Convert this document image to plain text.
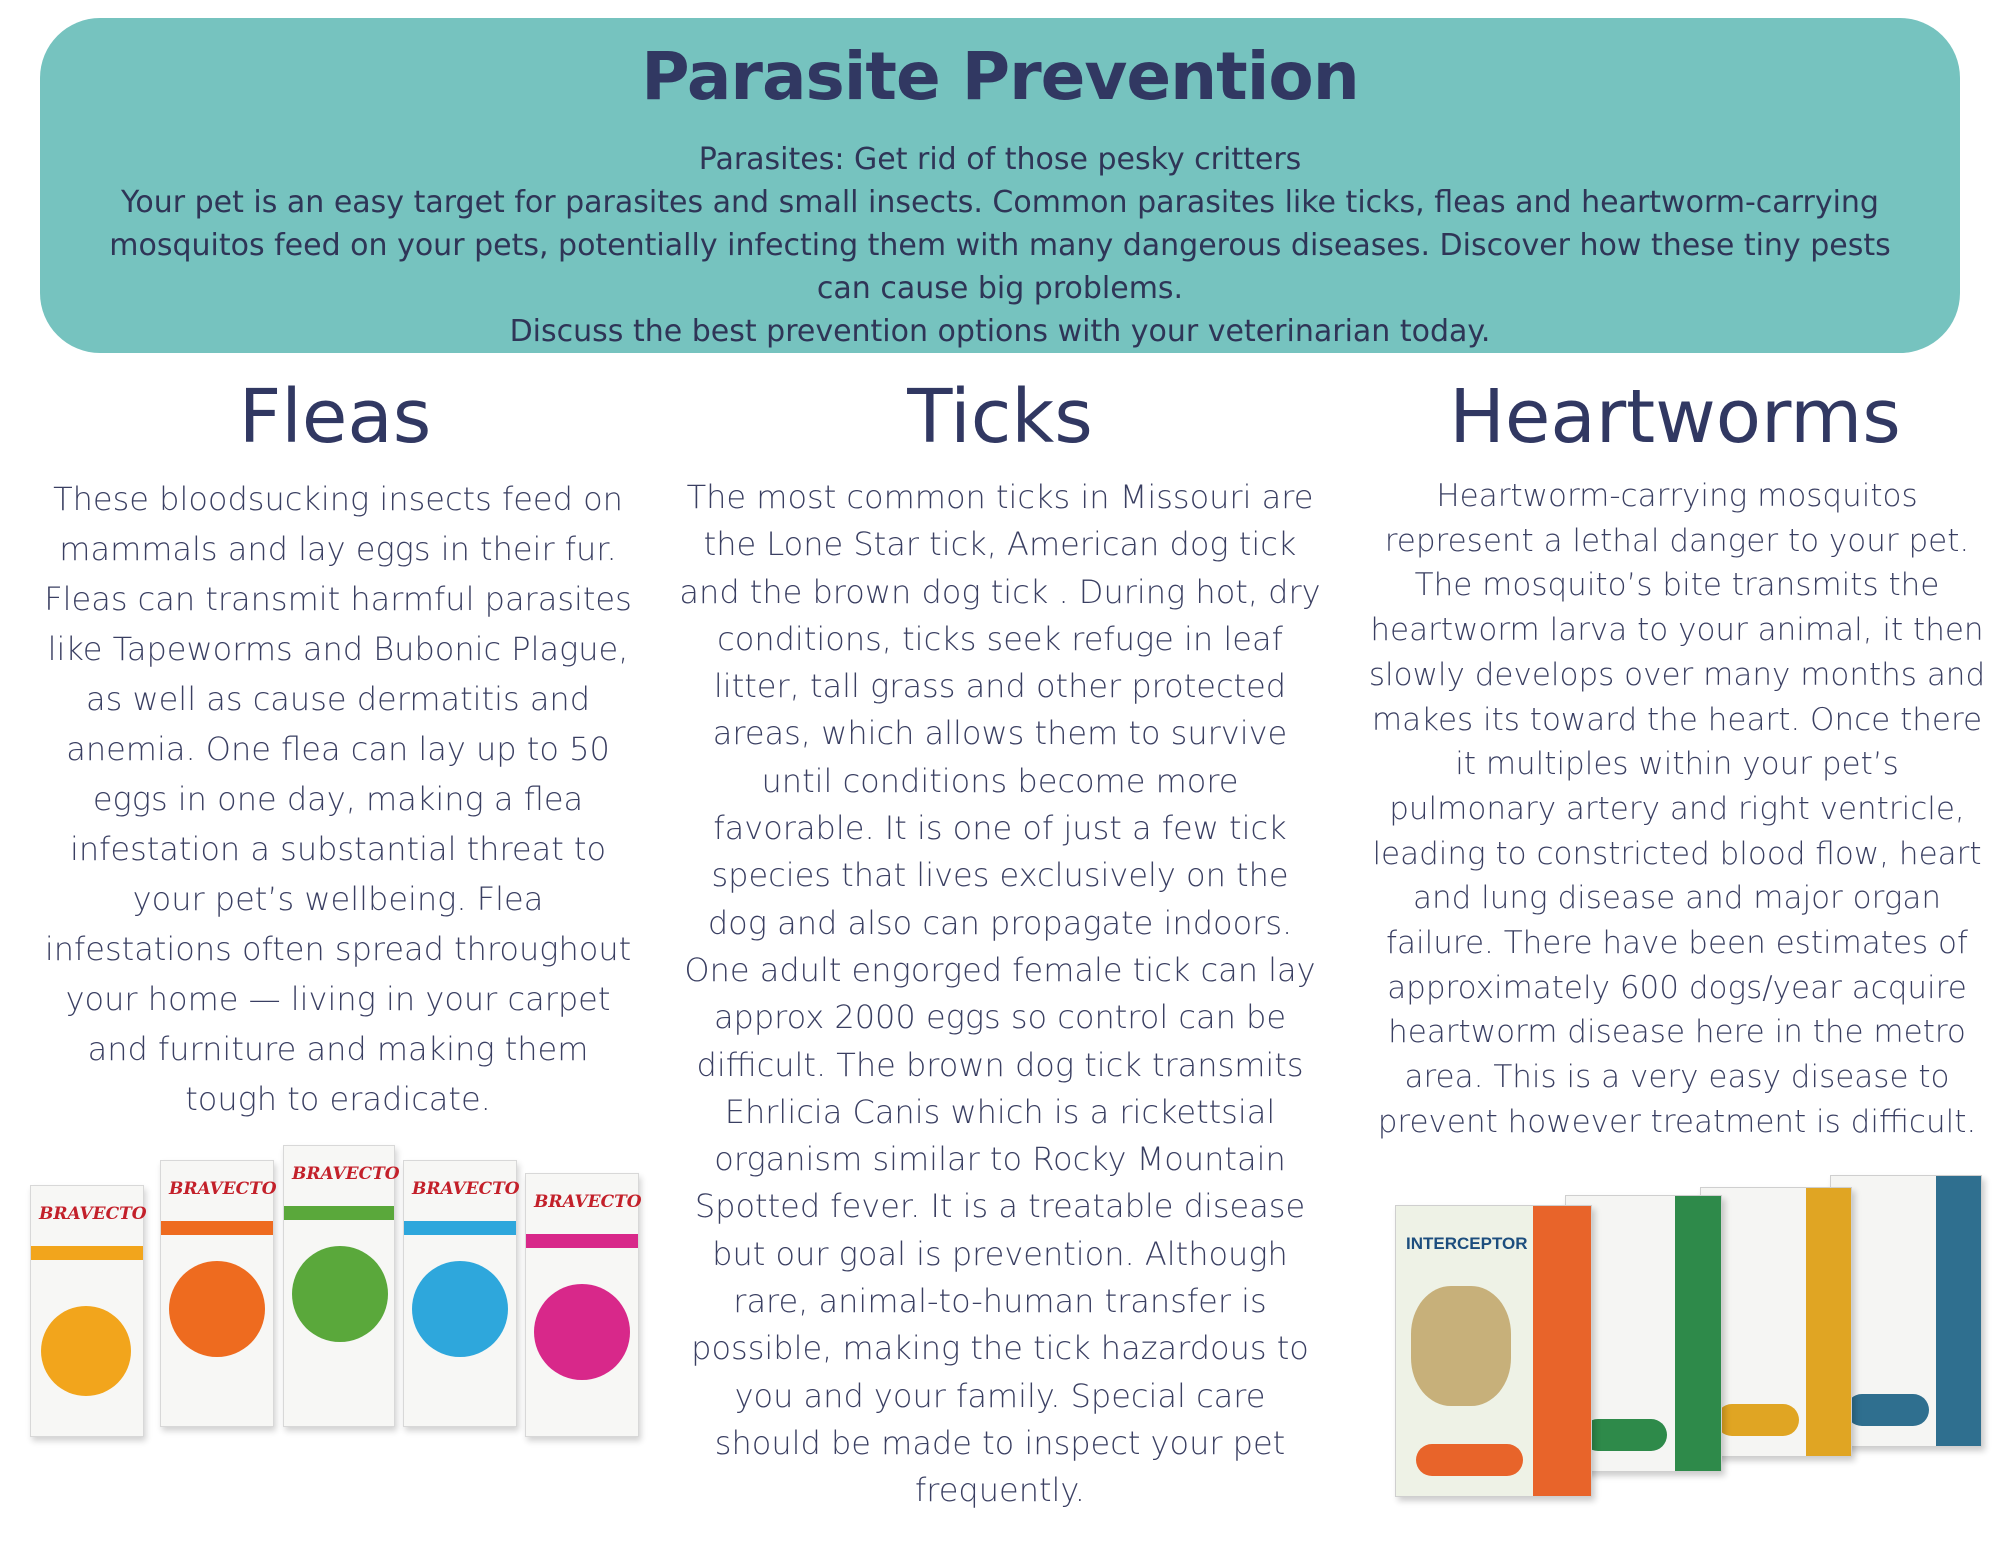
Parasite Prevention

Parasites: Get rid of those pesky critters

Your pet is an easy target for parasites and small insects. Common parasites like ticks, fleas and heartworm-carrying mosquitos feed on your pets, potentially infecting them with many dangerous diseases. Discover how these tiny pests can cause big problems.

Discuss the best prevention options with your veterinarian today.

Fleas

These bloodsucking insects feed on mammals and lay eggs in their fur. Fleas can transmit harmful parasites like Tapeworms and Bubonic Plague, as well as cause dermatitis and anemia. One flea can lay up to 50 eggs in one day, making a flea infestation a substantial threat to your pet’s wellbeing. Flea infestations often spread throughout your home — living in your carpet and furniture and making them tough to eradicate.

Ticks

The most common ticks in Missouri are the Lone Star tick, American dog tick and the brown dog tick . During hot, dry conditions, ticks seek refuge in leaf litter, tall grass and other protected areas, which allows them to survive until conditions become more favorable. It is one of just a few tick species that lives exclusively on the dog and also can propagate indoors. One adult engorged female tick can lay approx 2000 eggs so control can be difficult. The brown dog tick transmits Ehrlicia Canis which is a rickettsial organism similar to Rocky Mountain Spotted fever. It is a treatable disease but our goal is prevention. Although rare, animal-to-human transfer is possible, making the tick hazardous to you and your family. Special care should be made to inspect your pet frequently.

Heartworms

Heartworm-carrying mosquitos represent a lethal danger to your pet. The mosquito’s bite transmits the heartworm larva to your animal, it then slowly develops over many months and makes its toward the heart. Once there it multiples within your pet’s pulmonary artery and right ventricle, leading to constricted blood flow, heart and lung disease and major organ failure. There have been estimates of approximately 600 dogs/year acquire heartworm disease here in the metro area. This is a very easy disease to prevent however treatment is difficult.

BRAVECTO
BRAVECTO
BRAVECTO
BRAVECTO
BRAVECTO
INTERCEPTOR
